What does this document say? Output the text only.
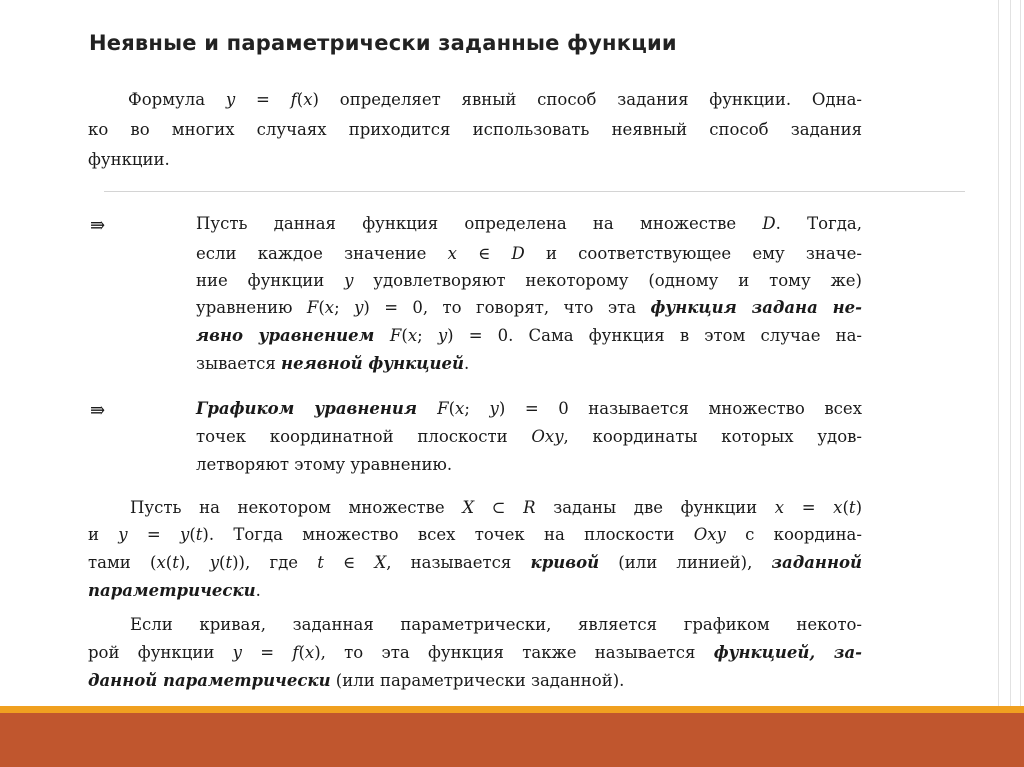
Неявные и параметрически заданные функции

Формула y = f(x) определяет явный способ задания функции. Одна-

ко во многих случаях приходится использовать неявный способ задания

функции.

⇛	Пусть данная функция определена на множестве D. Тогда,

если каждое значение x ∈ D и соответствующее ему значе-

ние функции y удовлетворяют некоторому (одному и тому же)

уравнению F(x; y) = 0, то говорят, что эта функция задана не-

явно уравнением F(x; y) = 0. Сама функция в этом случае на-

зывается неявной функцией.

⇛	Графиком уравнения F(x; y) = 0 называется множество всех

точек координатной плоскости Oxy, координаты которых удов-

летворяют этому уравнению.

Пусть на некотором множестве X ⊂ R заданы две функции x = x(t)

и y = y(t). Тогда множество всех точек на плоскости Oxy с координа-

тами (x(t), y(t)), где t ∈ X, называется кривой (или линией), заданной

параметрически.

Если кривая, заданная параметрически, является графиком некото-

рой функции y = f(x), то эта функция также называется функцией, за-

данной параметрически (или параметрически заданной).
